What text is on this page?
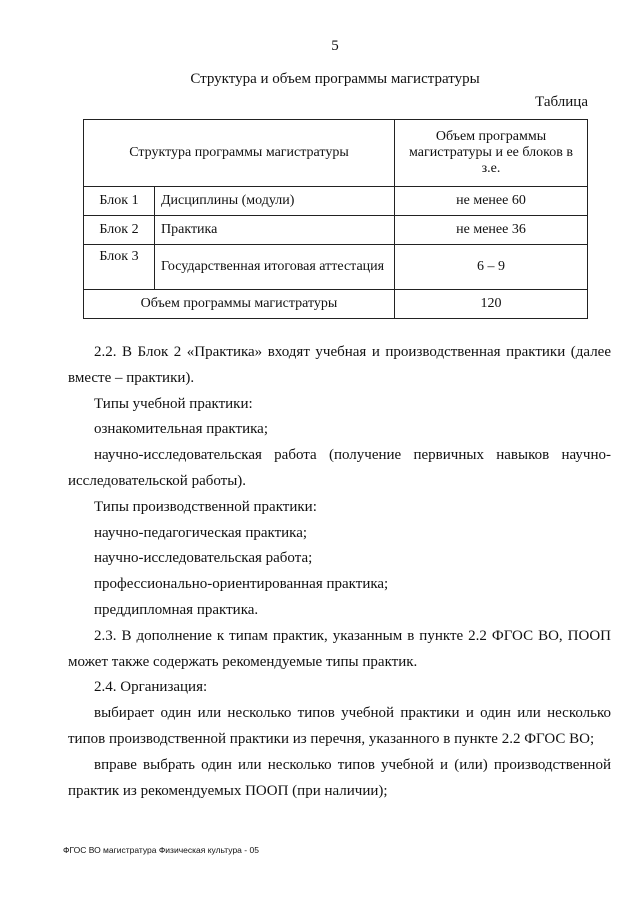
5
Структура и объем программы магистратуры
Таблица
Структура программы магистратуры		Объем программы магистратуры и ее блоков в з.е.
Блок 1	Дисциплины (модули)	не менее 60
Блок 2	Практика	не менее 36
Блок 3	Государственная итоговая аттестация	6 – 9
Объем программы магистратуры		120

2.2. В Блок 2 «Практика» входят учебная и производственная практики (далее вместе – практики).

Типы учебной практики:

ознакомительная практика;

научно-исследовательская работа (получение первичных навыков научно-исследовательской работы).

Типы производственной практики:

научно-педагогическая практика;

научно-исследовательская работа;

профессионально-ориентированная практика;

преддипломная практика.

2.3. В дополнение к типам практик, указанным в пункте 2.2 ФГОС ВО, ПООП может также содержать рекомендуемые типы практик.

2.4. Организация:

выбирает один или несколько типов учебной практики и один или несколько типов производственной практики из перечня, указанного в пункте 2.2 ФГОС ВО;

вправе выбрать один или несколько типов учебной и (или) производственной практик из рекомендуемых ПООП (при наличии);

ФГОС ВО магистратура Физическая культура - 05
